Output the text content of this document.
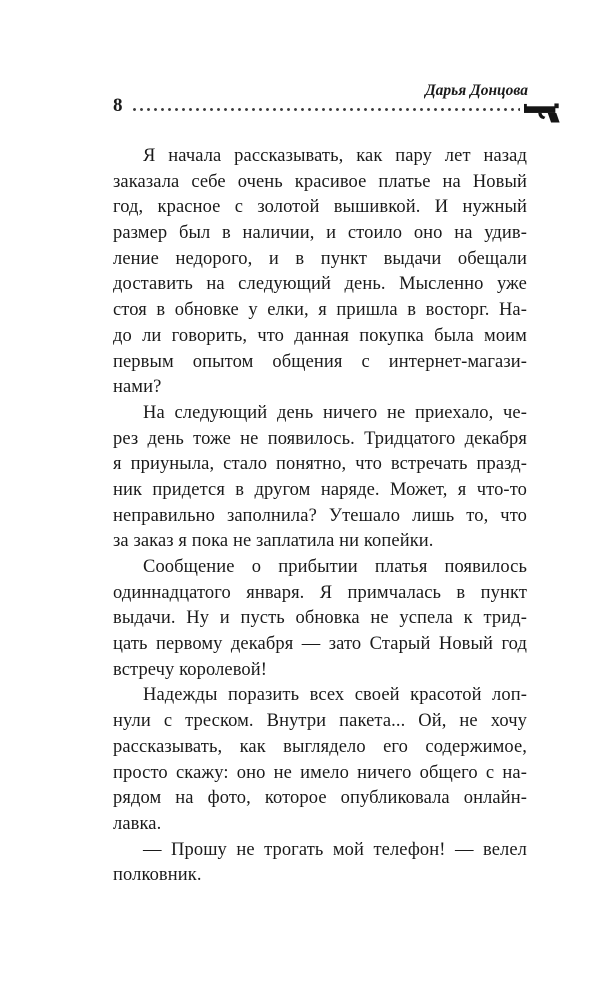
8
Дарья Донцова
Я начала рассказывать, как пару лет назад
заказала себе очень красивое платье на Новый
год, красное с золотой вышивкой. И нужный
размер был в наличии, и стоило оно на удив-
ление недорого, и в пункт выдачи обещали
доставить на следующий день. Мысленно уже
стоя в обновке у елки, я пришла в восторг. На-
до ли говорить, что данная покупка была моим
первым опытом общения с интернет-магази-
нами?
На следующий день ничего не приехало, че-
рез день тоже не появилось. Тридцатого декабря
я приуныла, стало понятно, что встречать празд-
ник придется в другом наряде. Может, я что-то
неправильно заполнила? Утешало лишь то, что
за заказ я пока не заплатила ни копейки.
Сообщение о прибытии платья появилось
одиннадцатого января. Я примчалась в пункт
выдачи. Ну и пусть обновка не успела к трид-
цать первому декабря — зато Старый Новый год
встречу королевой!
Надежды поразить всех своей красотой лоп-
нули с треском. Внутри пакета... Ой, не хочу
рассказывать, как выглядело его содержимое,
просто скажу: оно не имело ничего общего с на-
рядом на фото, которое опубликовала онлайн-
лавка.
— Прошу не трогать мой телефон! — велел
полковник.
